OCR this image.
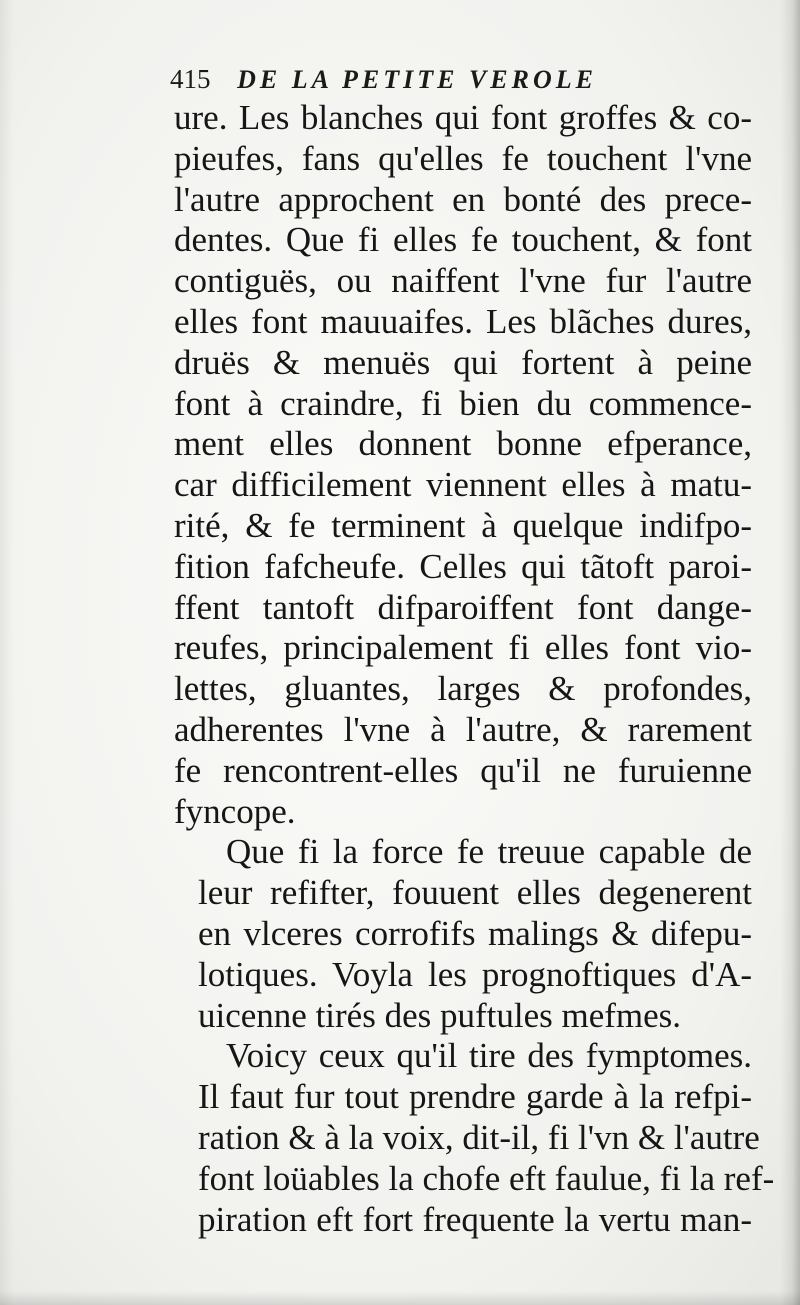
415 DE LA PETITE VEROLE
ure. Les blanches qui font groffes & co-
pieufes, fans qu'elles fe touchent l'vne
l'autre approchent en bonté des prece-
dentes. Que fi elles fe touchent, & font
contiguës, ou naiffent l'vne fur l'autre
elles font mauuaifes. Les blãches dures,
druës & menuës qui fortent à peine
font à craindre, fi bien du commence-
ment elles donnent bonne efperance,
car difficilement viennent elles à matu-
rité, & fe terminent à quelque indifpo-
fition fafcheufe. Celles qui tãtoft paroi-
ffent tantoft difparoiffent font dange-
reufes, principalement fi elles font vio-
lettes, gluantes, larges & profondes,
adherentes l'vne à l'autre, & rarement
fe rencontrent-elles qu'il ne furuienne
fyncope.
Que fi la force fe treuue capable de
leur refifter, fouuent elles degenerent
en vlceres corrofifs malings & difepu-
lotiques. Voyla les prognoftiques d'A-
uicenne tirés des puftules mefmes.
Voicy ceux qu'il tire des fymptomes.
Il faut fur tout prendre garde à la refpi-
ration & à la voix, dit-il, fi l'vn & l'autre
font loüables la chofe eft faulue, fi la ref-
piration eft fort frequente la vertu man-
